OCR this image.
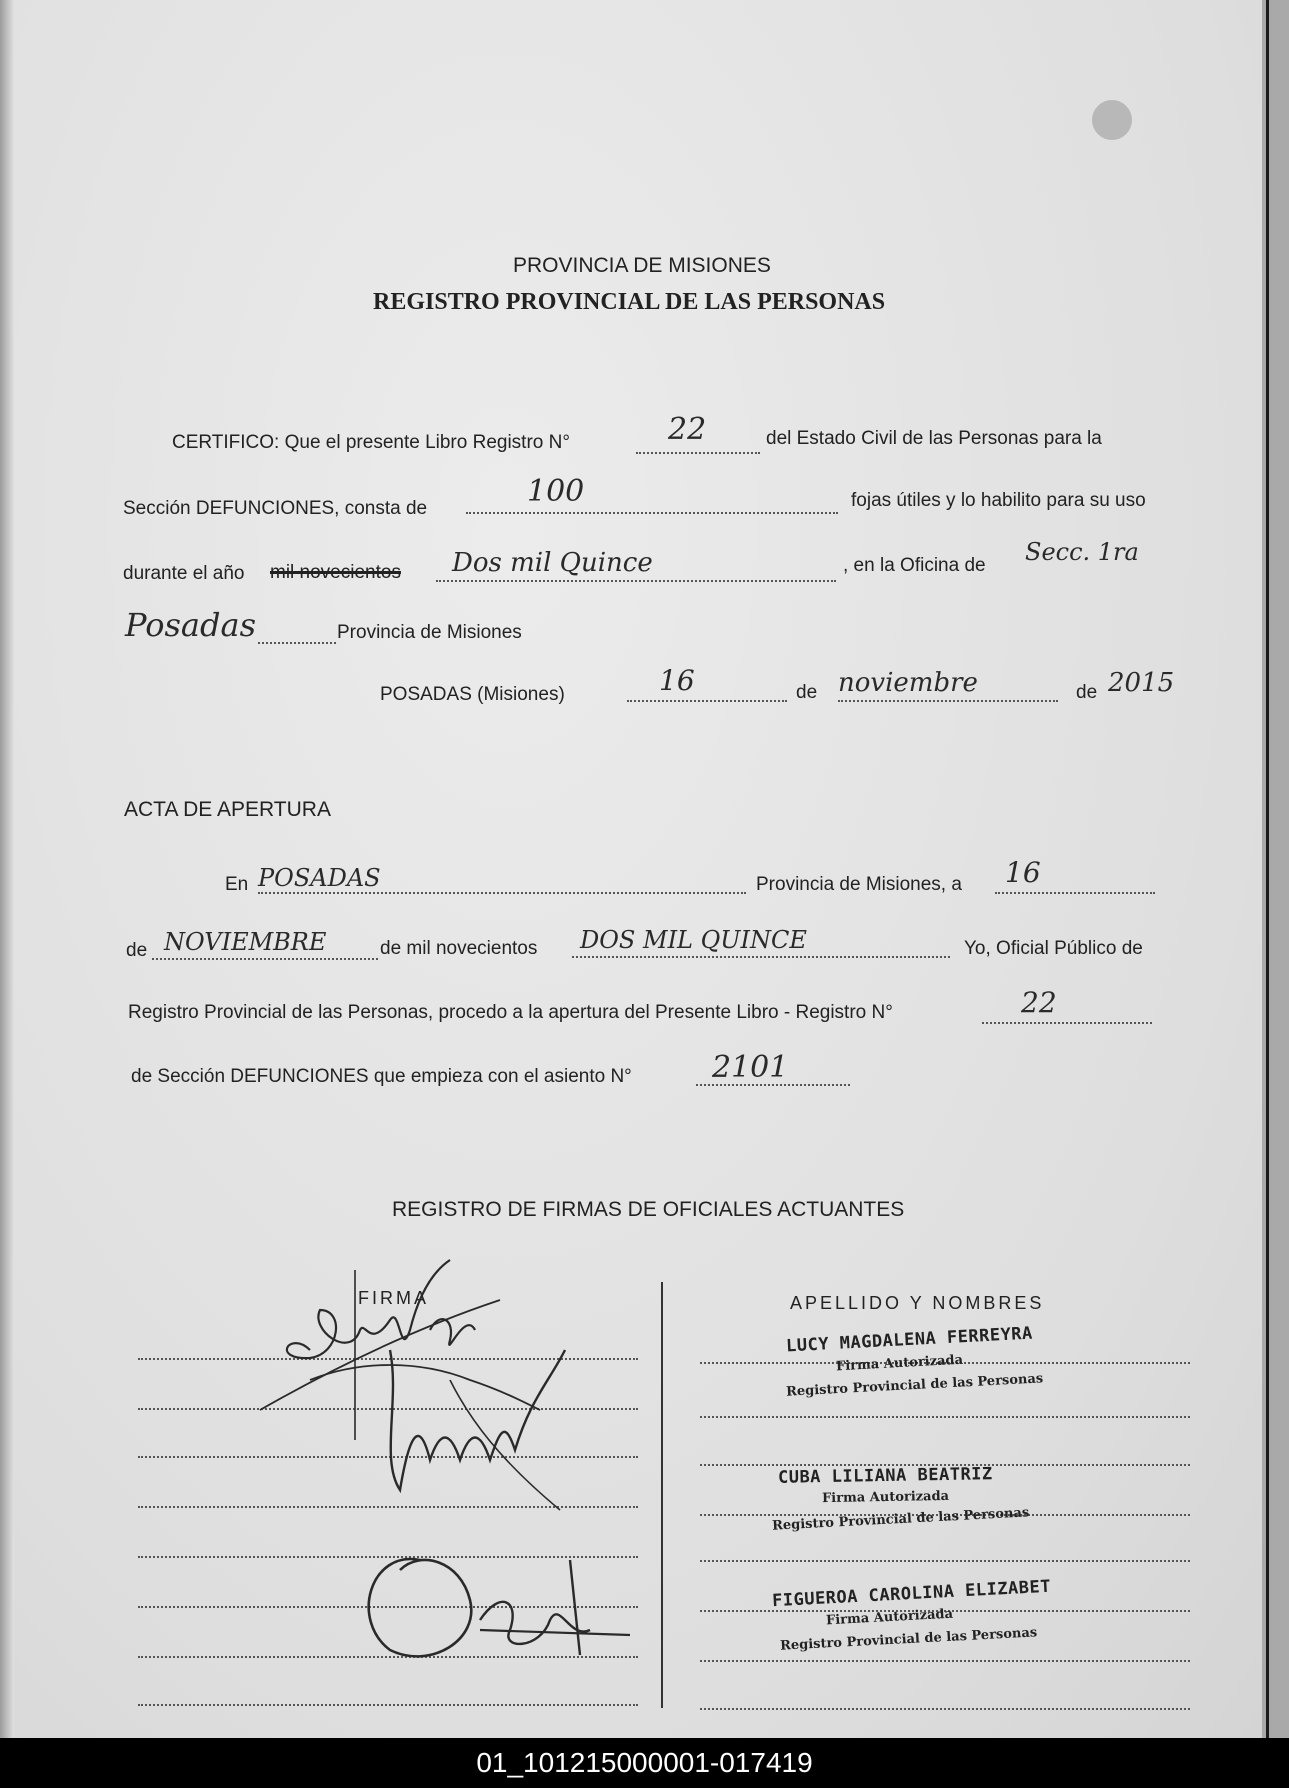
PROVINCIA DE MISIONES
REGISTRO PROVINCIAL DE LAS PERSONAS
CERTIFICO: Que el presente Libro Registro N°	22	del Estado Civil de las Personas para la
Sección DEFUNCIONES, consta de	100	fojas útiles y lo habilito para su uso
durante el año mil novecientos Dos mil Quince	, en la Oficina de Secc. 1ra
Posadas	Provincia de Misiones
POSADAS (Misiones)	16	de noviembre	de 2015
ACTA DE APERTURA
En POSADAS	Provincia de Misiones, a 16
de NOVIEMBRE	de mil novecientos DOS MIL QUINCE	Yo, Oficial Público de
Registro Provincial de las Personas, procedo a la apertura del Presente Libro - Registro N°	22
de Sección DEFUNCIONES que empieza con el asiento N°	2101
REGISTRO DE FIRMAS DE OFICIALES ACTUANTES
FIRMA	APELLIDO Y NOMBRES
LUCY MAGDALENA FERREYRA
Firma Autorizada
Registro Provincial de las Personas
CUBA LILIANA BEATRIZ
Firma Autorizada
Registro Provincial de las Personas
FIGUEROA CAROLINA ELIZABET
Firma Autorizada
Registro Provincial de las Personas
01_101215000001-017419
